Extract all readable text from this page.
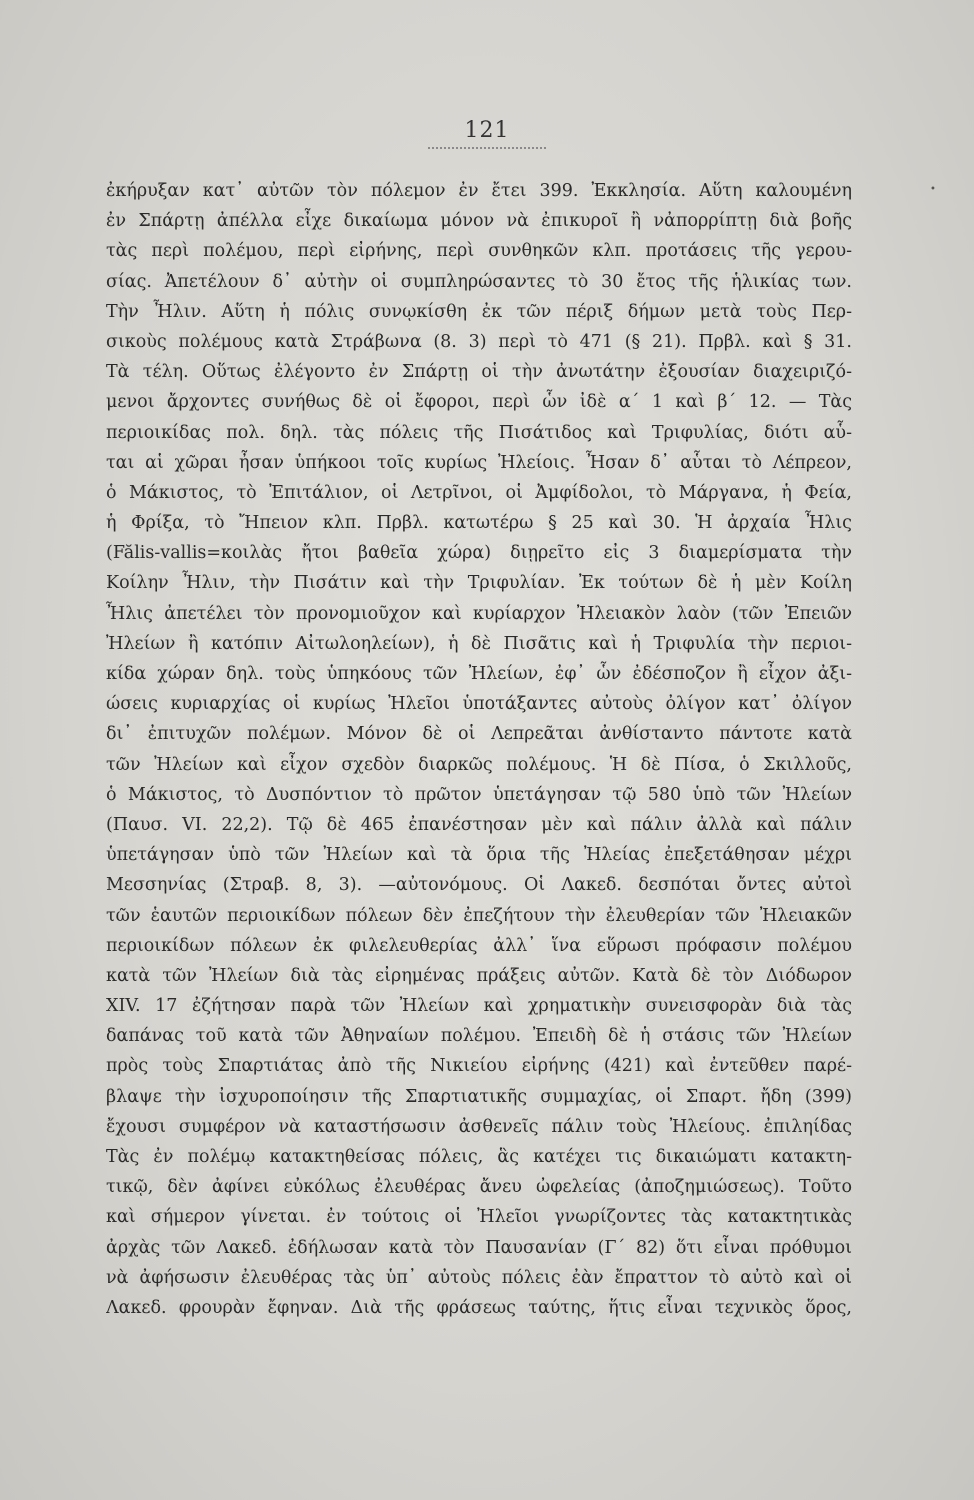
121
•
ἐκήρυξαν κατ᾽ αὐτῶν τὸν πόλεμον ἐν ἔτει 399. Ἐκκλησία. Αὕτη καλουμένη
ἐν Σπάρτῃ ἀπέλλα εἶχε δικαίωμα μόνον νὰ ἐπικυροῖ ἢ νἀπορρίπτῃ διὰ βοῆς
τὰς περὶ πολέμου, περὶ εἰρήνης, περὶ συνθηκῶν κλπ. προτάσεις τῆς γερου-
σίας. Ἀπετέλουν δ᾽ αὐτὴν οἱ συμπληρώσαντες τὸ 30 ἔτος τῆς ἡλικίας των.
Τὴν Ἦλιν. Αὕτη ἡ πόλις συνῳκίσθη ἐκ τῶν πέριξ δήμων μετὰ τοὺς Περ-
σικοὺς πολέμους κατὰ Στράβωνα (8. 3) περὶ τὸ 471 (§ 21). Πρβλ. καὶ § 31.
Τὰ τέλη. Οὕτως ἐλέγοντο ἐν Σπάρτῃ οἱ τὴν ἀνωτάτην ἐξουσίαν διαχειριζό-
μενοι ἄρχοντες συνήθως δὲ οἱ ἔφοροι, περὶ ὧν ἰδὲ α´ 1 καὶ β´ 12. — Τὰς
περιοικίδας πολ. δηλ. τὰς πόλεις τῆς Πισάτιδος καὶ Τριφυλίας, διότι αὗ-
ται αἱ χῶραι ἦσαν ὑπήκοοι τοῖς κυρίως Ἠλείοις. Ἦσαν δ᾽ αὗται τὸ Λέπρεον,
ὁ Μάκιστος, τὸ Ἐπιτάλιον, οἱ Λετρῖνοι, οἱ Ἀμφίδολοι, τὸ Μάργανα, ἡ Φεία,
ἡ Φρίξα, τὸ Ἤπειον κλπ. Πρβλ. κατωτέρω § 25 καὶ 30. Ἡ ἀρχαία Ἦλις
(Fălis-vallis=κοιλὰς ἤτοι βαθεῖα χώρα) διῃρεῖτο εἰς 3 διαμερίσματα τὴν
Κοίλην Ἦλιν, τὴν Πισάτιν καὶ τὴν Τριφυλίαν. Ἐκ τούτων δὲ ἡ μὲν Κοίλη
Ἦλις ἀπετέλει τὸν προνομιοῦχον καὶ κυρίαρχον Ἠλειακὸν λαὸν (τῶν Ἐπειῶν
Ἠλείων ἢ κατόπιν Αἰτωλοηλείων), ἡ δὲ Πισᾶτις καὶ ἡ Τριφυλία τὴν περιοι-
κίδα χώραν δηλ. τοὺς ὑπηκόους τῶν Ἠλείων, ἐφ᾽ ὧν ἐδέσποζον ἢ εἶχον ἀξι-
ώσεις κυριαρχίας οἱ κυρίως Ἠλεῖοι ὑποτάξαντες αὐτοὺς ὀλίγον κατ᾽ ὀλίγον
δι᾽ ἐπιτυχῶν πολέμων. Μόνον δὲ οἱ Λεπρεᾶται ἀνθίσταντο πάντοτε κατὰ
τῶν Ἠλείων καὶ εἶχον σχεδὸν διαρκῶς πολέμους. Ἡ δὲ Πίσα, ὁ Σκιλλοῦς,
ὁ Μάκιστος, τὸ Δυσπόντιον τὸ πρῶτον ὑπετάγησαν τῷ 580 ὑπὸ τῶν Ἠλείων
(Παυσ. VI. 22,2). Τῷ δὲ 465 ἐπανέστησαν μὲν καὶ πάλιν ἀλλὰ καὶ πάλιν
ὑπετάγησαν ὑπὸ τῶν Ἠλείων καὶ τὰ ὅρια τῆς Ἠλείας ἐπεξετάθησαν μέχρι
Μεσσηνίας (Στραβ. 8, 3). —αὐτονόμους. Οἱ Λακεδ. δεσπόται ὄντες αὐτοὶ
τῶν ἑαυτῶν περιοικίδων πόλεων δὲν ἐπεζήτουν τὴν ἐλευθερίαν τῶν Ἠλειακῶν
περιοικίδων πόλεων ἐκ φιλελευθερίας ἀλλ᾽ ἵνα εὕρωσι πρόφασιν πολέμου
κατὰ τῶν Ἠλείων διὰ τὰς εἰρημένας πράξεις αὐτῶν. Κατὰ δὲ τὸν Διόδωρον
XIV. 17 ἐζήτησαν παρὰ τῶν Ἠλείων καὶ χρηματικὴν συνεισφορὰν διὰ τὰς
δαπάνας τοῦ κατὰ τῶν Ἀθηναίων πολέμου. Ἐπειδὴ δὲ ἡ στάσις τῶν Ἠλείων
πρὸς τοὺς Σπαρτιάτας ἀπὸ τῆς Νικιείου εἰρήνης (421) καὶ ἐντεῦθεν παρέ-
βλαψε τὴν ἰσχυροποίησιν τῆς Σπαρτιατικῆς συμμαχίας, οἱ Σπαρτ. ἤδη (399)
ἔχουσι συμφέρον νὰ καταστήσωσιν ἀσθενεῖς πάλιν τοὺς Ἠλείους. ἐπιληίδας
Τὰς ἐν πολέμῳ κατακτηθείσας πόλεις, ἃς κατέχει τις δικαιώματι κατακτη-
τικῷ, δὲν ἀφίνει εὐκόλως ἐλευθέρας ἄνευ ὠφελείας (ἀποζημιώσεως). Τοῦτο
καὶ σήμερον γίνεται. ἐν τούτοις οἱ Ἠλεῖοι γνωρίζοντες τὰς κατακτητικὰς
ἀρχὰς τῶν Λακεδ. ἐδήλωσαν κατὰ τὸν Παυσανίαν (Γ´ 82) ὅτι εἶναι πρόθυμοι
νὰ ἀφήσωσιν ἐλευθέρας τὰς ὑπ᾽ αὐτοὺς πόλεις ἐὰν ἔπραττον τὸ αὐτὸ καὶ οἱ
Λακεδ. φρουρὰν ἔφηναν. Διὰ τῆς φράσεως ταύτης, ἥτις εἶναι τεχνικὸς ὅρος,
